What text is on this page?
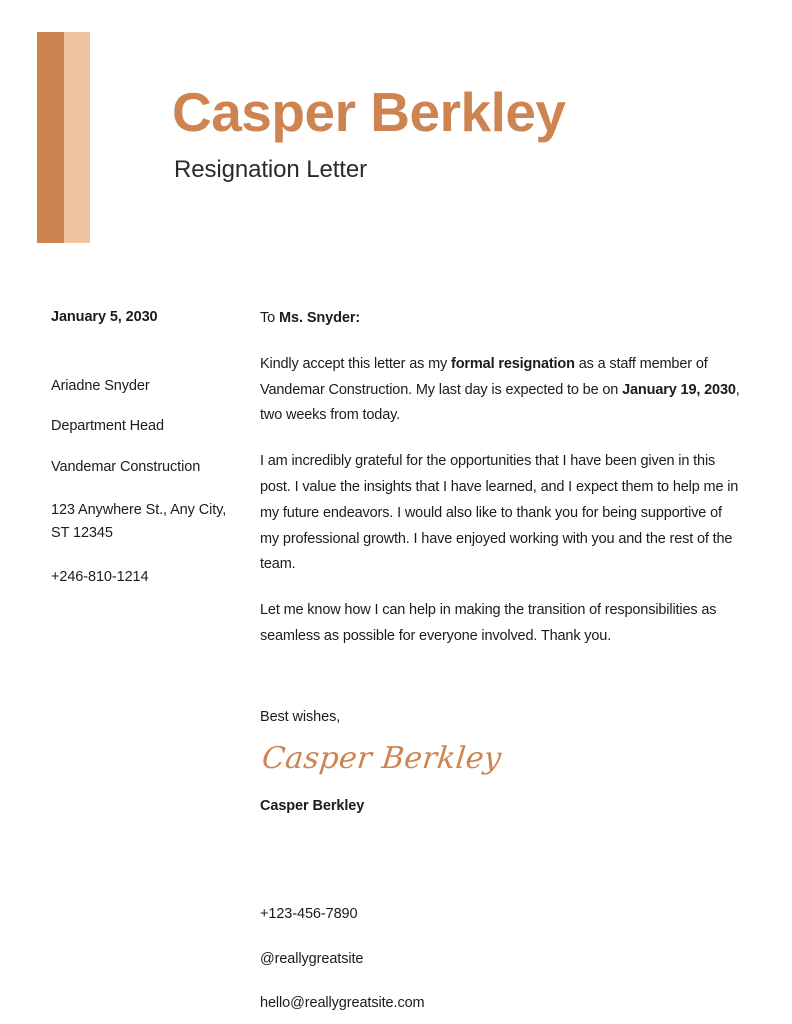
Casper Berkley
Resignation Letter
January 5, 2030
Ariadne Snyder
Department Head
Vandemar Construction
123 Anywhere St., Any City, ST 12345
+246-810-1214

To Ms. Snyder:

Kindly accept this letter as my formal resignation as a staff member of Vandemar Construction. My last day is expected to be on January 19, 2030, two weeks from today.

I am incredibly grateful for the opportunities that I have been given in this post. I value the insights that I have learned, and I expect them to help me in my future endeavors. I would also like to thank you for being supportive of my professional growth. I have enjoyed working with you and the rest of the team.

Let me know how I can help in making the transition of responsibilities as seamless as possible for everyone involved. Thank you.

Best wishes,

Casper Berkley
Casper Berkley
+123-456-7890
@reallygreatsite
hello@reallygreatsite.com
